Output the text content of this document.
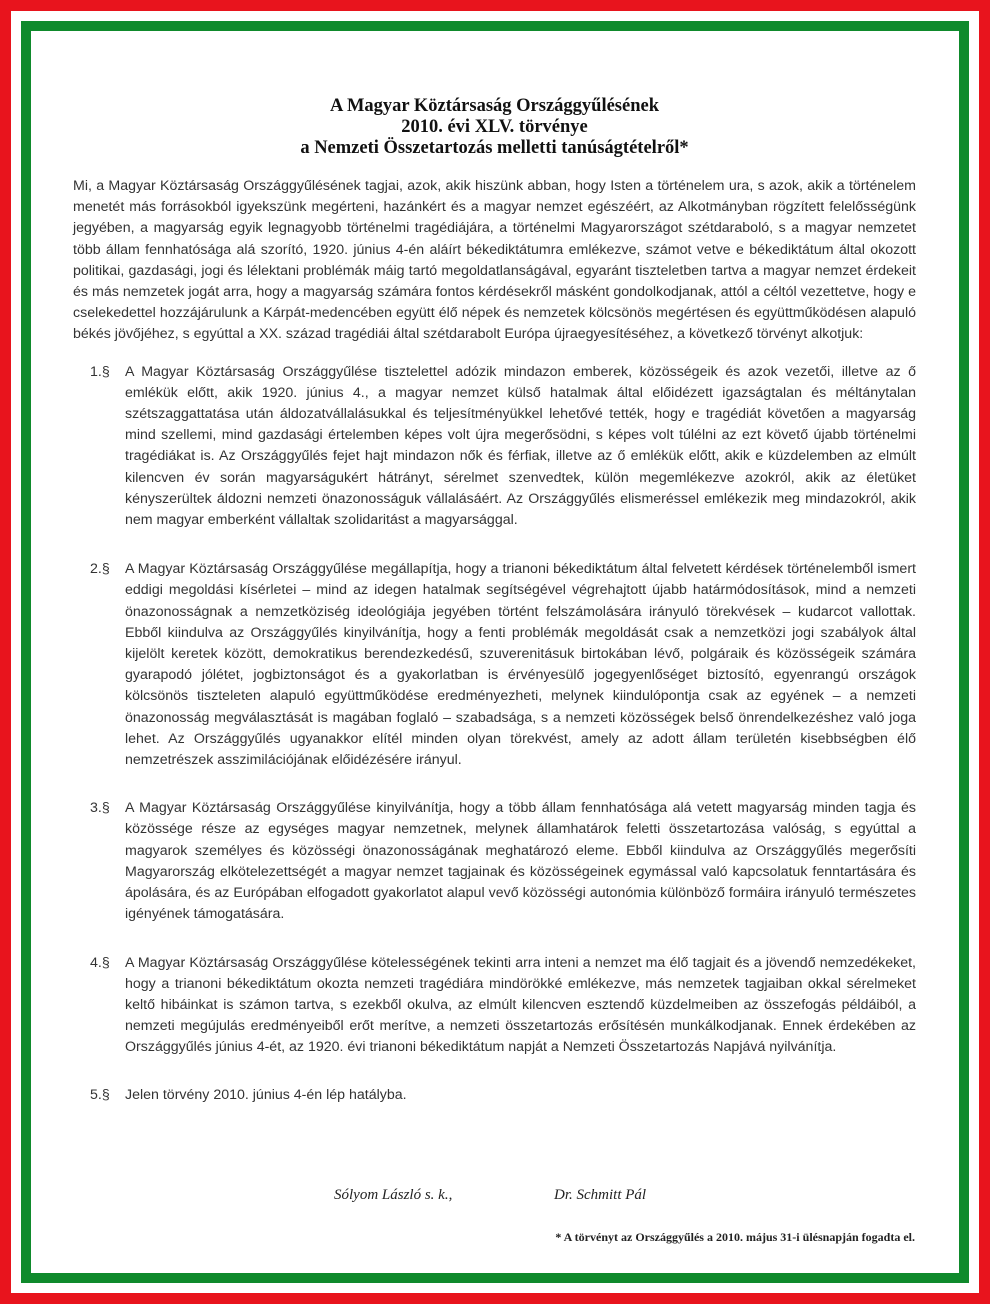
A Magyar Köztársaság Országgyűlésének
2010. évi XLV. törvénye
a Nemzeti Összetartozás melletti tanúságtételről*
Mi, a Magyar Köztársaság Országgyűlésének tagjai, azok, akik hiszünk abban, hogy Isten a történelem ura, s azok, akik a történelem menetét más forrásokból igyekszünk megérteni, hazánkért és a magyar nemzet egészéért, az Alkotmányban rögzített felelősségünk jegyében, a magyarság egyik legnagyobb történelmi tragédiájára, a történelmi Magyarországot szétdaraboló, s a magyar nemzetet több állam fennhatósága alá szorító, 1920. június 4-én aláírt békediktátumra emlékezve, számot vetve e békediktátum által okozott politikai, gazdasági, jogi és lélektani problémák máig tartó megoldatlanságával, egyaránt tiszteletben tartva a magyar nemzet érdekeit és más nemzetek jogát arra, hogy a magyarság számára fontos kérdésekről másként gondolkodjanak, attól a céltól vezettetve, hogy e cselekedettel hozzájárulunk a Kárpát-medencében együtt élő népek és nemzetek kölcsönös megértésen és együttműködésen alapuló békés jövőjéhez, s egyúttal a XX. század tragédiái által szétdarabolt Európa újraegyesítéséhez, a következő törvényt alkotjuk:
1.§	A Magyar Köztársaság Országgyűlése tisztelettel adózik mindazon emberek, közösségeik és azok vezetői, illetve az ő emlékük előtt, akik 1920. június 4., a magyar nemzet külső hatalmak által előidézett igazságtalan és méltánytalan szétszaggattatása után áldozatvállalásukkal és teljesítményükkel lehetővé tették, hogy e tragédiát követően a magyarság mind szellemi, mind gazdasági értelemben képes volt újra megerősödni, s képes volt túlélni az ezt követő újabb történelmi tragédiákat is. Az Országgyűlés fejet hajt mindazon nők és férfiak, illetve az ő emlékük előtt, akik e küzdelemben az elmúlt kilencven év során magyarságukért hátrányt, sérelmet szenvedtek, külön megemlékezve azokról, akik az életüket kényszerültek áldozni nemzeti önazonosságuk vállalásáért. Az Országgyűlés elismeréssel emlékezik meg mindazokról, akik nem magyar emberként vállaltak szolidaritást a magyarsággal.
2.§	A Magyar Köztársaság Országgyűlése megállapítja, hogy a trianoni békediktátum által felvetett kérdések történelemből ismert eddigi megoldási kísérletei – mind az idegen hatalmak segítségével végrehajtott újabb határmódosítások, mind a nemzeti önazonosságnak a nemzetköziség ideológiája jegyében történt felszámolására irányuló törekvések – kudarcot vallottak. Ebből kiindulva az Országgyűlés kinyilvánítja, hogy a fenti problémák megoldását csak a nemzetközi jogi szabályok által kijelölt keretek között, demokratikus berendezkedésű, szuverenitásuk birtokában lévő, polgáraik és közösségeik számára gyarapodó jólétet, jogbiztonságot és a gyakorlatban is érvényesülő jogegyenlőséget biztosító, egyenrangú országok kölcsönös tiszteleten alapuló együttműködése eredményezheti, melynek kiindulópontja csak az egyének – a nemzeti önazonosság megválasztását is magában foglaló – szabadsága, s a nemzeti közösségek belső önrendelkezéshez való joga lehet. Az Országgyűlés ugyanakkor elítél minden olyan törekvést, amely az adott állam területén kisebbségben élő nemzetrészek asszimilációjának előidézésére irányul.
3.§	A Magyar Köztársaság Országgyűlése kinyilvánítja, hogy a több állam fennhatósága alá vetett magyarság minden tagja és közössége része az egységes magyar nemzetnek, melynek államhatárok feletti összetartozása valóság, s egyúttal a magyarok személyes és közösségi önazonosságának meghatározó eleme. Ebből kiindulva az Országgyűlés megerősíti Magyarország elkötelezettségét a magyar nemzet tagjainak és közösségeinek egymással való kapcsolatuk fenntartására és ápolására, és az Európában elfogadott gyakorlatot alapul vevő közösségi autonómia különböző formáira irányuló természetes igényének támogatására.
4.§	A Magyar Köztársaság Országgyűlése kötelességének tekinti arra inteni a nemzet ma élő tagjait és a jövendő nemzedékeket, hogy a trianoni békediktátum okozta nemzeti tragédiára mindörökké emlékezve, más nemzetek tagjaiban okkal sérelmeket keltő hibáinkat is számon tartva, s ezekből okulva, az elmúlt kilencven esztendő küzdelmeiben az összefogás példáiból, a nemzeti megújulás eredményeiből erőt merítve, a nemzeti összetartozás erősítésén munkálkodjanak. Ennek érdekében az Országgyűlés június 4-ét, az 1920. évi trianoni békediktátum napját a Nemzeti Összetartozás Napjává nyilvánítja.
5.§	Jelen törvény 2010. június 4-én lép hatályba.
Sólyom László s. k.,	Dr. Schmitt Pál
* A törvényt az Országgyűlés a 2010. május 31-i ülésnapján fogadta el.
